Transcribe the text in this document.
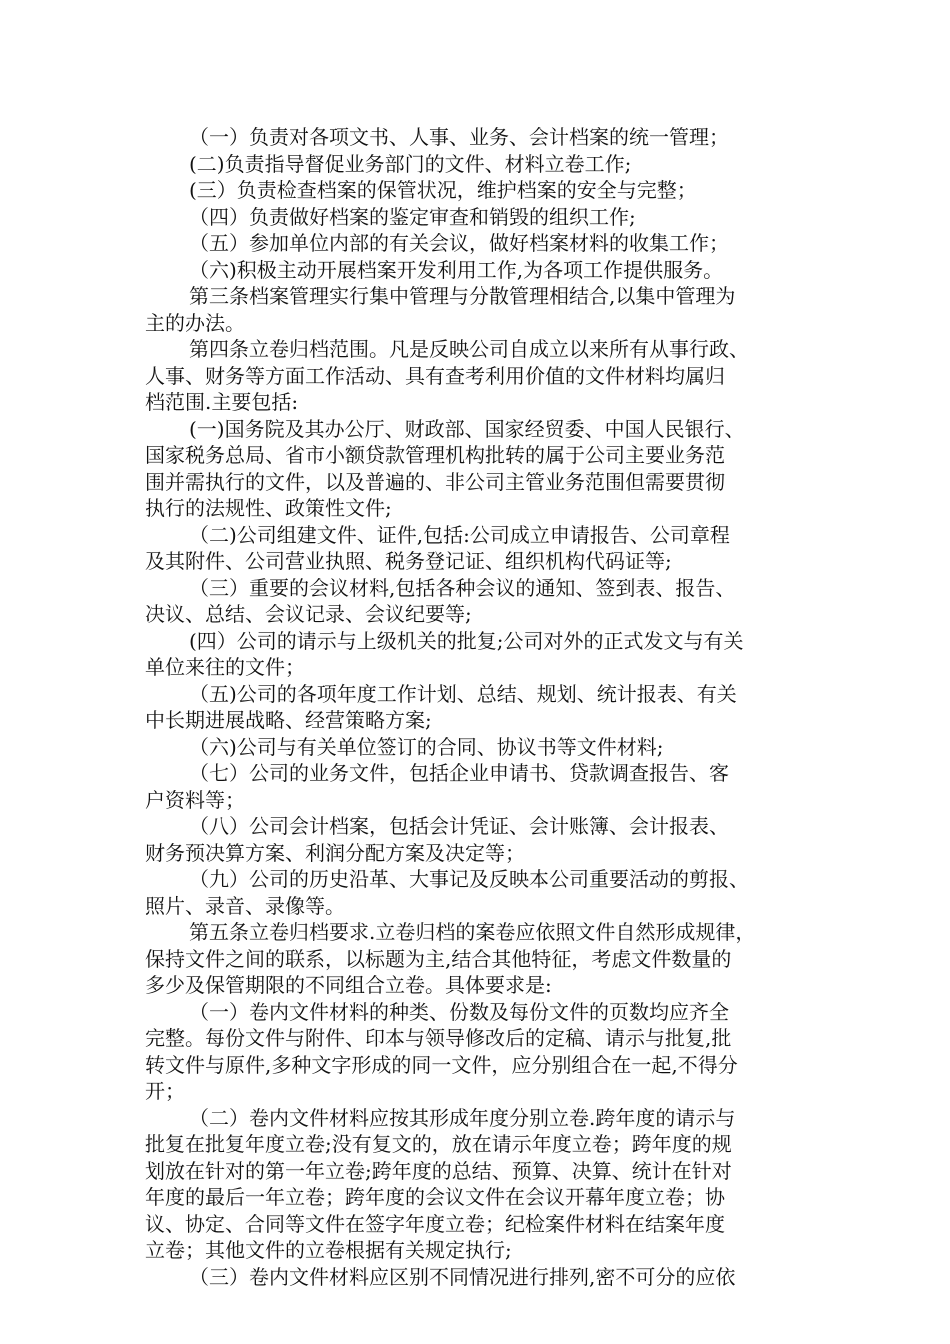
（一）负责对各项文书、人事、业务、会计档案的统一管理；
(二)负责指导督促业务部门的文件、材料立卷工作;
(三）负责检查档案的保管状况，维护档案的安全与完整；
（四）负责做好档案的鉴定审查和销毁的组织工作;
（五）参加单位内部的有关会议，做好档案材料的收集工作；
（六)积极主动开展档案开发利用工作,为各项工作提供服务。
第三条档案管理实行集中管理与分散管理相结合,以集中管理为
主的办法。
第四条立卷归档范围。凡是反映公司自成立以来所有从事行政、
人事、财务等方面工作活动、具有查考利用价值的文件材料均属归
档范围.主要包括:
(一)国务院及其办公厅、财政部、国家经贸委、中国人民银行、
国家税务总局、省市小额贷款管理机构批转的属于公司主要业务范
围并需执行的文件，以及普遍的、非公司主管业务范围但需要贯彻
执行的法规性、政策性文件;
（二)公司组建文件、证件,包括:公司成立申请报告、公司章程
及其附件、公司营业执照、税务登记证、组织机构代码证等;
（三）重要的会议材料,包括各种会议的通知、签到表、报告、
决议、总结、会议记录、会议纪要等;
(四）公司的请示与上级机关的批复;公司对外的正式发文与有关
单位来往的文件；
（五)公司的各项年度工作计划、总结、规划、统计报表、有关
中长期进展战略、经营策略方案;
（六)公司与有关单位签订的合同、协议书等文件材料;
（七）公司的业务文件，包括企业申请书、贷款调查报告、客
户资料等；
（八）公司会计档案，包括会计凭证、会计账簿、会计报表、
财务预决算方案、利润分配方案及决定等；
（九）公司的历史沿革、大事记及反映本公司重要活动的剪报、
照片、录音、录像等。
第五条立卷归档要求.立卷归档的案卷应依照文件自然形成规律，
保持文件之间的联系，以标题为主,结合其他特征，考虑文件数量的
多少及保管期限的不同组合立卷。具体要求是:
（一）卷内文件材料的种类、份数及每份文件的页数均应齐全
完整。每份文件与附件、印本与领导修改后的定稿、请示与批复,批
转文件与原件,多种文字形成的同一文件，应分别组合在一起,不得分
开；
（二）卷内文件材料应按其形成年度分别立卷.跨年度的请示与
批复在批复年度立卷;没有复文的，放在请示年度立卷；跨年度的规
划放在针对的第一年立卷;跨年度的总结、预算、决算、统计在针对
年度的最后一年立卷；跨年度的会议文件在会议开幕年度立卷；协
议、协定、合同等文件在签字年度立卷；纪检案件材料在结案年度
立卷；其他文件的立卷根据有关规定执行;
（三）卷内文件材料应区别不同情况进行排列,密不可分的应依
